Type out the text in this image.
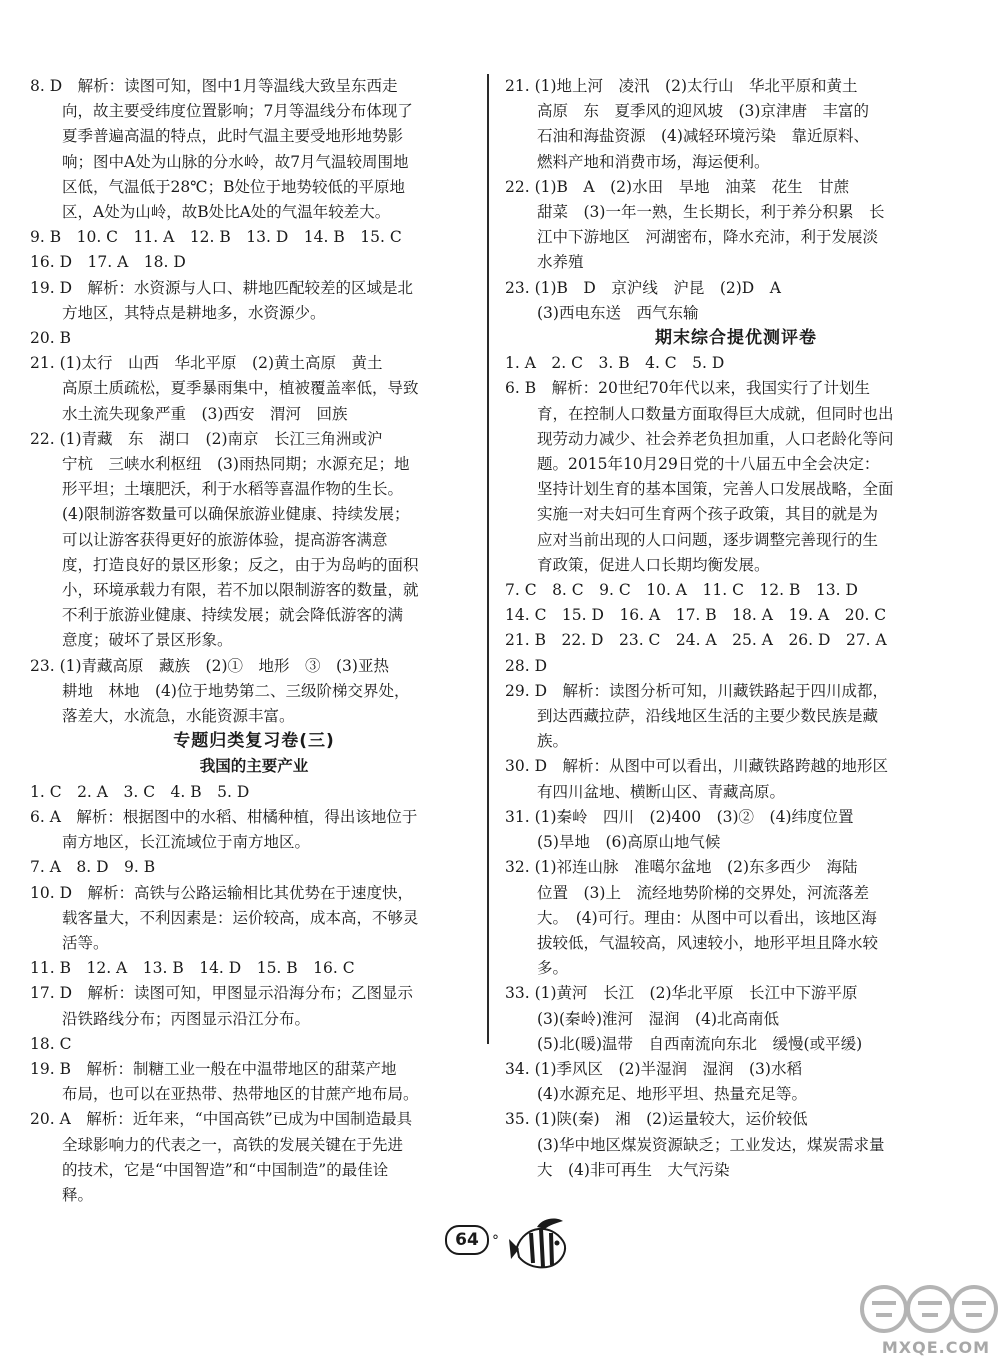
8. D　解析：读图可知，图中1月等温线大致呈东西走
向，故主要受纬度位置影响；7月等温线分布体现了
夏季普遍高温的特点，此时气温主要受地形地势影
响；图中A处为山脉的分水岭，故7月气温较周围地
区低，气温低于28℃；B处位于地势较低的平原地
区，A处为山岭，故B处比A处的气温年较差大。
9. B　10. C　11. A　12. B　13. D　14. B　15. C
16. D　17. A　18. D
19. D　解析：水资源与人口、耕地匹配较差的区域是北
方地区，其特点是耕地多，水资源少。
20. B
21. (1)太行　山西　华北平原　(2)黄土高原　黄土
高原土质疏松，夏季暴雨集中，植被覆盖率低，导致
水土流失现象严重　(3)西安　渭河　回族
22. (1)青藏　东　湖口　(2)南京　长江三角洲或沪
宁杭　三峡水利枢纽　(3)雨热同期；水源充足；地
形平坦；土壤肥沃，利于水稻等喜温作物的生长。
(4)限制游客数量可以确保旅游业健康、持续发展；
可以让游客获得更好的旅游体验，提高游客满意
度，打造良好的景区形象；反之，由于为岛屿的面积
小，环境承载力有限，若不加以限制游客的数量，就
不利于旅游业健康、持续发展；就会降低游客的满
意度；破坏了景区形象。
23. (1)青藏高原　藏族　(2)①　地形　③　(3)亚热
耕地　林地　(4)位于地势第二、三级阶梯交界处，
落差大，水流急，水能资源丰富。
专题归类复习卷(三)
我国的主要产业
1. C　2. A　3. C　4. B　5. D
6. A　解析：根据图中的水稻、柑橘种植，得出该地位于
南方地区，长江流域位于南方地区。
7. A　8. D　9. B
10. D　解析：高铁与公路运输相比其优势在于速度快，
载客量大，不利因素是：运价较高，成本高，不够灵
活等。
11. B　12. A　13. B　14. D　15. B　16. C
17. D　解析：读图可知，甲图显示沿海分布；乙图显示
沿铁路线分布；丙图显示沿江分布。
18. C
19. B　解析：制糖工业一般在中温带地区的甜菜产地
布局，也可以在亚热带、热带地区的甘蔗产地布局。
20. A　解析：近年来，“中国高铁”已成为中国制造最具
全球影响力的代表之一，高铁的发展关键在于先进
的技术，它是“中国智造”和“中国制造”的最佳诠
释。
21. (1)地上河　凌汛　(2)太行山　华北平原和黄土
高原　东　夏季风的迎风坡　(3)京津唐　丰富的
石油和海盐资源　(4)减轻环境污染　靠近原料、
燃料产地和消费市场，海运便利。
22. (1)B　A　(2)水田　旱地　油菜　花生　甘蔗
甜菜　(3)一年一熟，生长期长，利于养分积累　长
江中下游地区　河湖密布，降水充沛，利于发展淡
水养殖
23. (1)B　D　京沪线　沪昆　(2)D　A
(3)西电东送　西气东输
期末综合提优测评卷
1. A　2. C　3. B　4. C　5. D
6. B　解析：20世纪70年代以来，我国实行了计划生
育，在控制人口数量方面取得巨大成就，但同时也出
现劳动力减少、社会养老负担加重，人口老龄化等问
题。2015年10月29日党的十八届五中全会决定：
坚持计划生育的基本国策，完善人口发展战略，全面
实施一对夫妇可生育两个孩子政策，其目的就是为
应对当前出现的人口问题，逐步调整完善现行的生
育政策，促进人口长期均衡发展。
7. C　8. C　9. C　10. A　11. C　12. B　13. D
14. C　15. D　16. A　17. B　18. A　19. A　20. C
21. B　22. D　23. C　24. A　25. A　26. D　27. A
28. D
29. D　解析：读图分析可知，川藏铁路起于四川成都，
到达西藏拉萨，沿线地区生活的主要少数民族是藏
族。
30. D　解析：从图中可以看出，川藏铁路跨越的地形区
有四川盆地、横断山区、青藏高原。
31. (1)秦岭　四川　(2)400　(3)②　(4)纬度位置
(5)旱地　(6)高原山地气候
32. (1)祁连山脉　准噶尔盆地　(2)东多西少　海陆
位置　(3)上　流经地势阶梯的交界处，河流落差
大。　(4)可行。理由：从图中可以看出，该地区海
拔较低，气温较高，风速较小，地形平坦且降水较
多。
33. (1)黄河　长江　(2)华北平原　长江中下游平原
(3)(秦岭)淮河　湿润　(4)北高南低
(5)北(暖)温带　自西南流向东北　缓慢(或平缓)
34. (1)季风区　(2)半湿润　湿润　(3)水稻
(4)水源充足、地形平坦、热量充足等。
35. (1)陕(秦)　湘　(2)运量较大，运价较低
(3)华中地区煤炭资源缺乏；工业发达，煤炭需求量
大　(4)非可再生　大气污染
64 °
MXQE.COM
